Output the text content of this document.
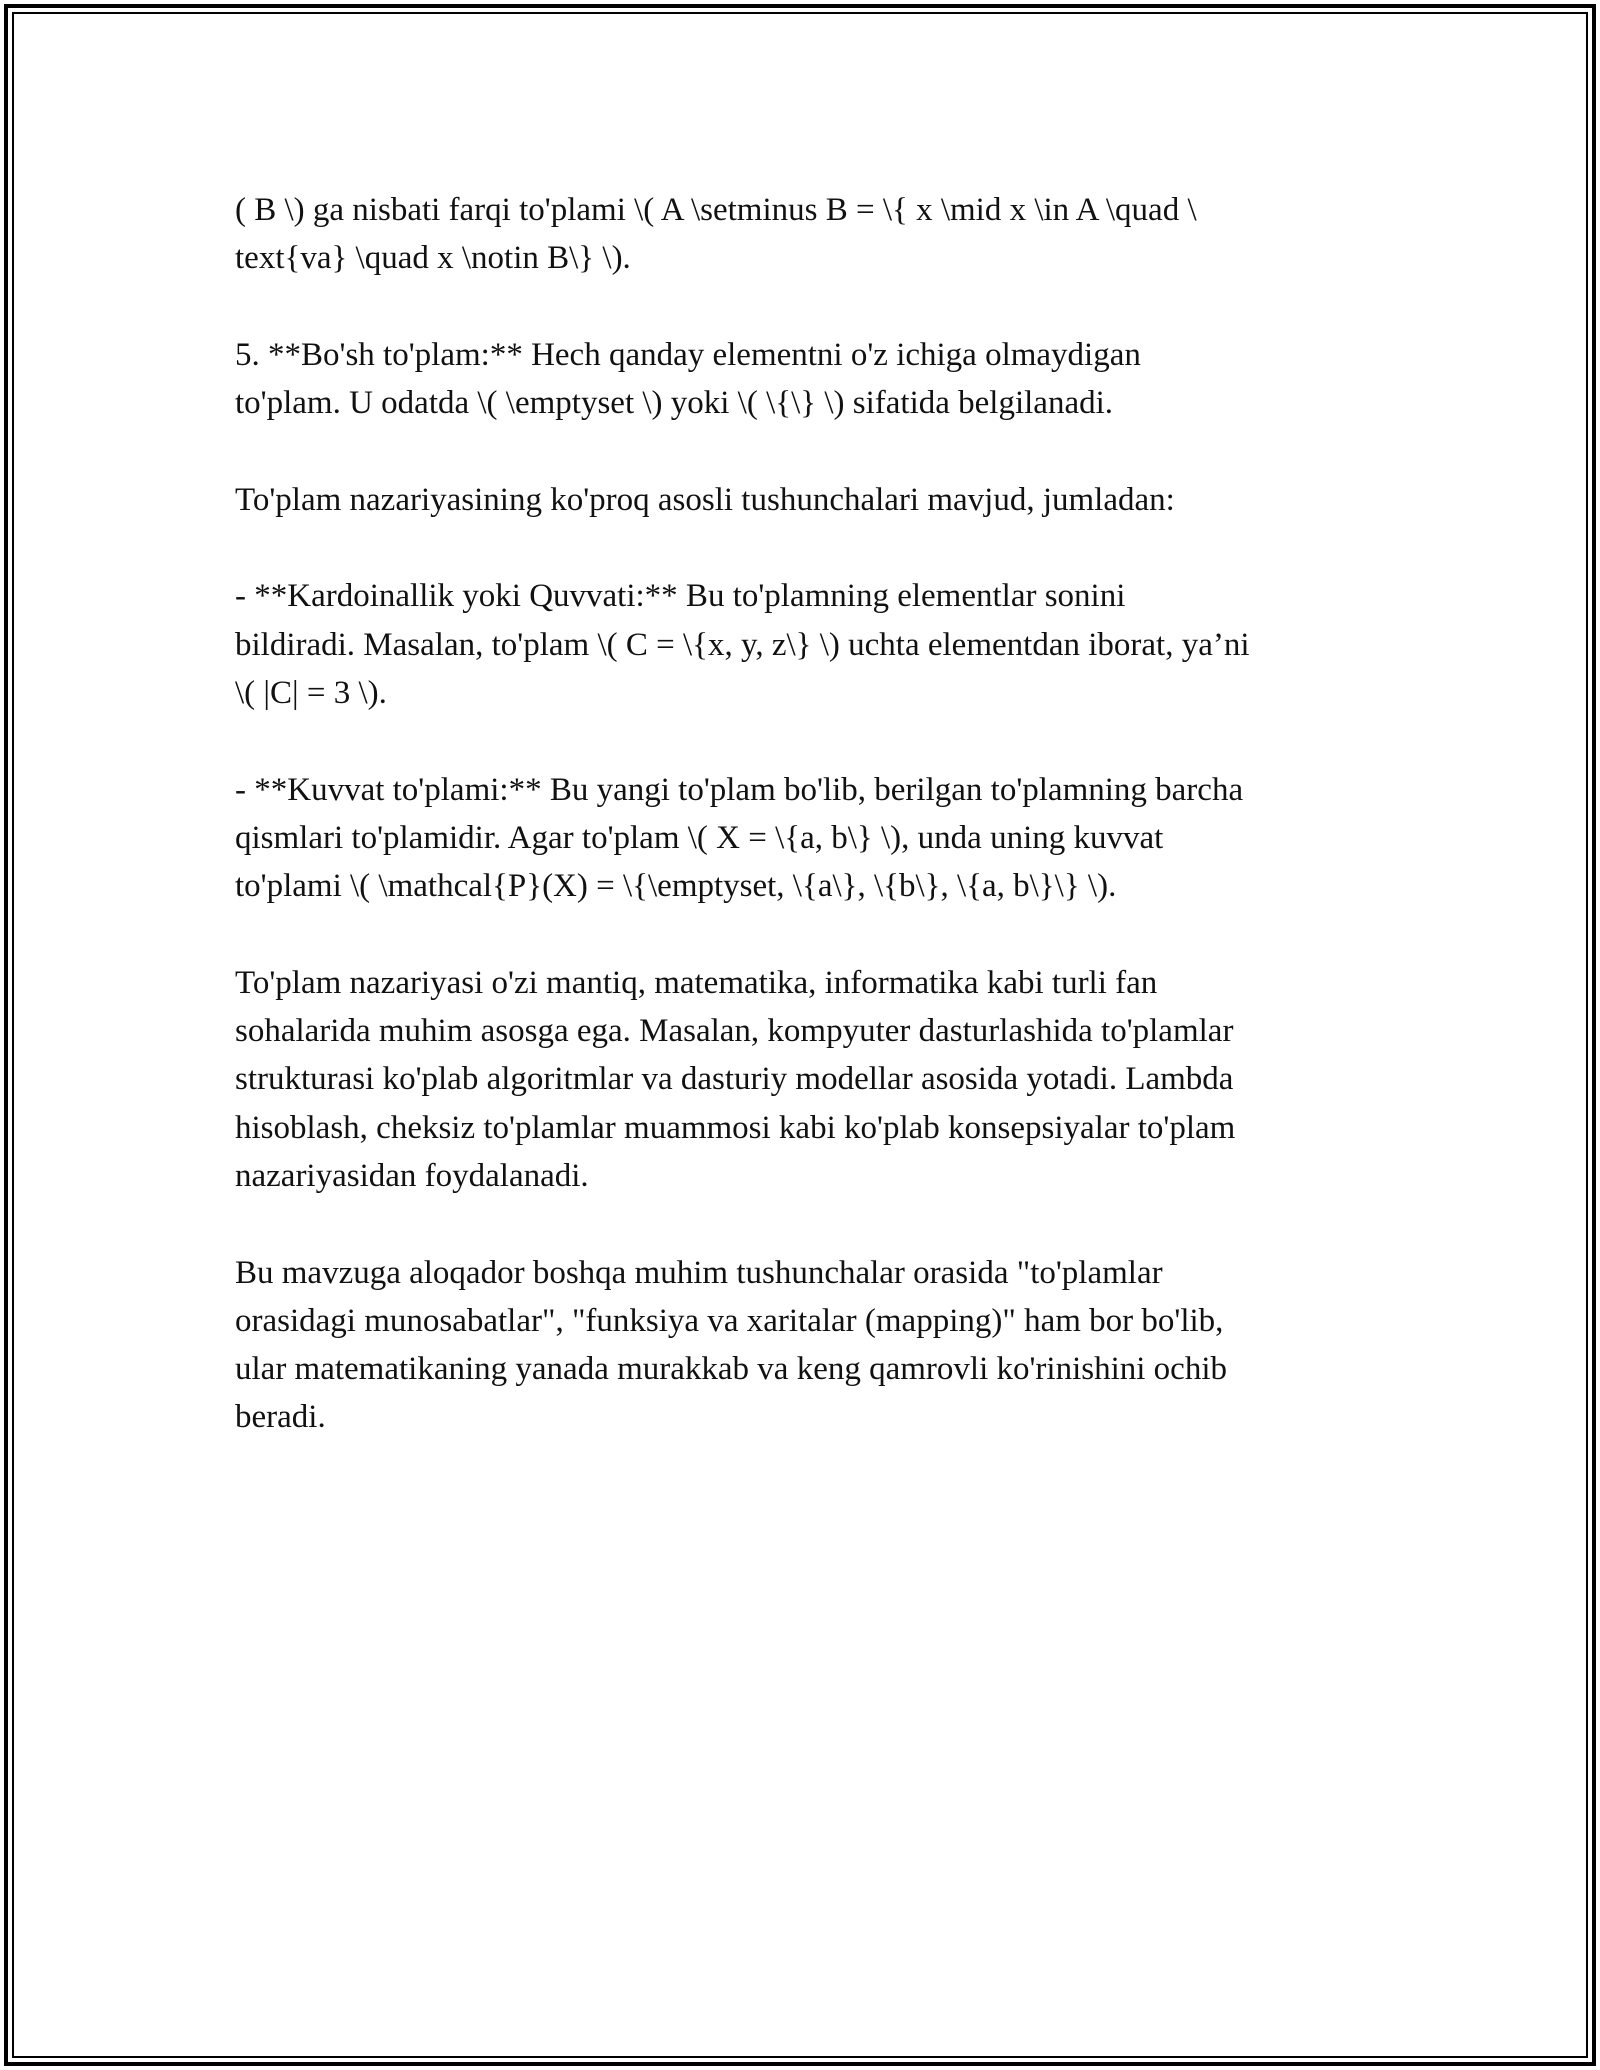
( B \) ga nisbati farqi to'plami \( A \setminus B = \{ x \mid x \in A \quad \
text{va} \quad x \notin B\} \).

5. **Bo'sh to'plam:** Hech qanday elementni o'z ichiga olmaydigan
to'plam. U odatda \( \emptyset \) yoki \( \{\} \) sifatida belgilanadi.

To'plam nazariyasining ko'proq asosli tushunchalari mavjud, jumladan:

- **Kardoinallik yoki Quvvati:** Bu to'plamning elementlar sonini
bildiradi. Masalan, to'plam \( C = \{x, y, z\} \) uchta elementdan iborat, ya’ni
\( |C| = 3 \).

- **Kuvvat to'plami:** Bu yangi to'plam bo'lib, berilgan to'plamning barcha
qismlari to'plamidir. Agar to'plam \( X = \{a, b\} \), unda uning kuvvat
to'plami \( \mathcal{P}(X) = \{\emptyset, \{a\}, \{b\}, \{a, b\}\} \).

To'plam nazariyasi o'zi mantiq, matematika, informatika kabi turli fan
sohalarida muhim asosga ega. Masalan, kompyuter dasturlashida to'plamlar
strukturasi ko'plab algoritmlar va dasturiy modellar asosida yotadi. Lambda
hisoblash, cheksiz to'plamlar muammosi kabi ko'plab konsepsiyalar to'plam
nazariyasidan foydalanadi.

Bu mavzuga aloqador boshqa muhim tushunchalar orasida "to'plamlar
orasidagi munosabatlar", "funksiya va xaritalar (mapping)" ham bor bo'lib,
ular matematikaning yanada murakkab va keng qamrovli ko'rinishini ochib
beradi.
